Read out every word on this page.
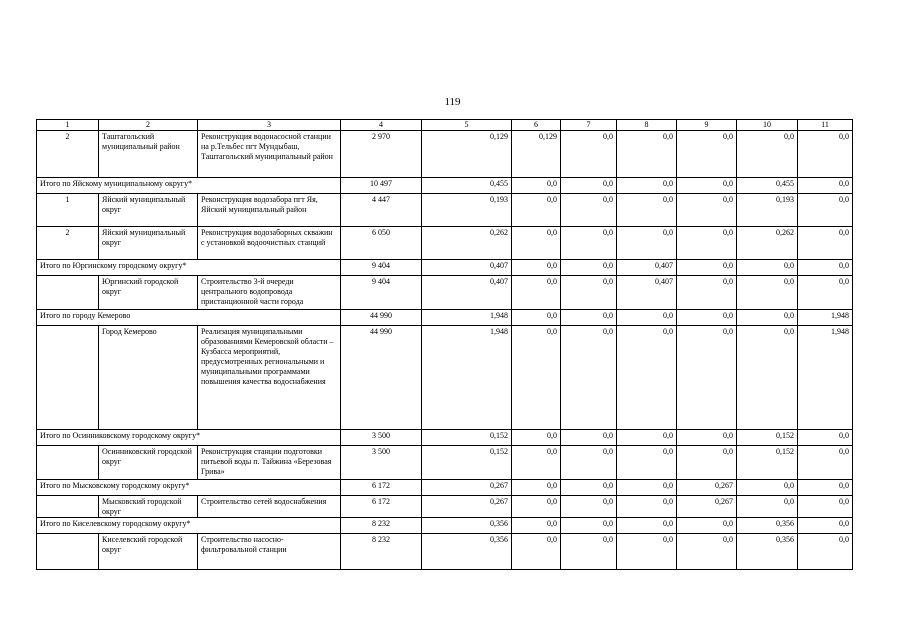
119
1	2	3	4	5	6	7	8	9	10	11
2	Таштагольский муниципальный район	Реконструкция водонасосной станции на р.Тельбес пгт Мундыбаш, Таштагольский муниципальный район	2 970	0,129	0,129	0,0	0,0	0,0	0,0	0,0
Итого по Яйскому муниципальному округу*			10 497	0,455	0,0	0,0	0,0	0,0	0,455	0,0
1	Яйский муниципальный округ	Реконструкция водозабора пгт Яя, Яйский муниципальный район	4 447	0,193	0,0	0,0	0,0	0,0	0,193	0,0
2	Яйский муниципальный округ	Реконструкция водозаборных скважин с установкой водоочистных станций	6 050	0,262	0,0	0,0	0,0	0,0	0,262	0,0
Итого по Юргинскому городскому округу*			9 404	0,407	0,0	0,0	0,407	0,0	0,0	0,0
	Юргинский городской округ	Строительство 3-й очереди центрального водопровода пристанционной части города	9 404	0,407	0,0	0,0	0,407	0,0	0,0	0,0
Итого по городу Кемерово			44 990	1,948	0,0	0,0	0,0	0,0	0,0	1,948
	Город Кемерово	Реализация муниципальными образованиями Кемеровской области – Кузбасса мероприятий, предусмотренных региональными и муниципальными программами повышения качества водоснабжения	44 990	1,948	0,0	0,0	0,0	0,0	0,0	1,948
Итого по Осинниковскому городскому округу*			3 500	0,152	0,0	0,0	0,0	0,0	0,152	0,0
	Осинниковский городской округ	Реконструкция станции подготовки питьевой воды п. Тайжина «Березовая Грива»	3 500	0,152	0,0	0,0	0,0	0,0	0,152	0,0
Итого по Мысковскому городскому округу*			6 172	0,267	0,0	0,0	0,0	0,267	0,0	0,0
	Мысковский городской округ	Строительство сетей водоснабжения	6 172	0,267	0,0	0,0	0,0	0,267	0,0	0,0
Итого по Киселевскому городскому округу*			8 232	0,356	0,0	0,0	0,0	0,0	0,356	0,0
	Киселевский городской округ	Строительство насосно-фильтровальной станции	8 232	0,356	0,0	0,0	0,0	0,0	0,356	0,0
